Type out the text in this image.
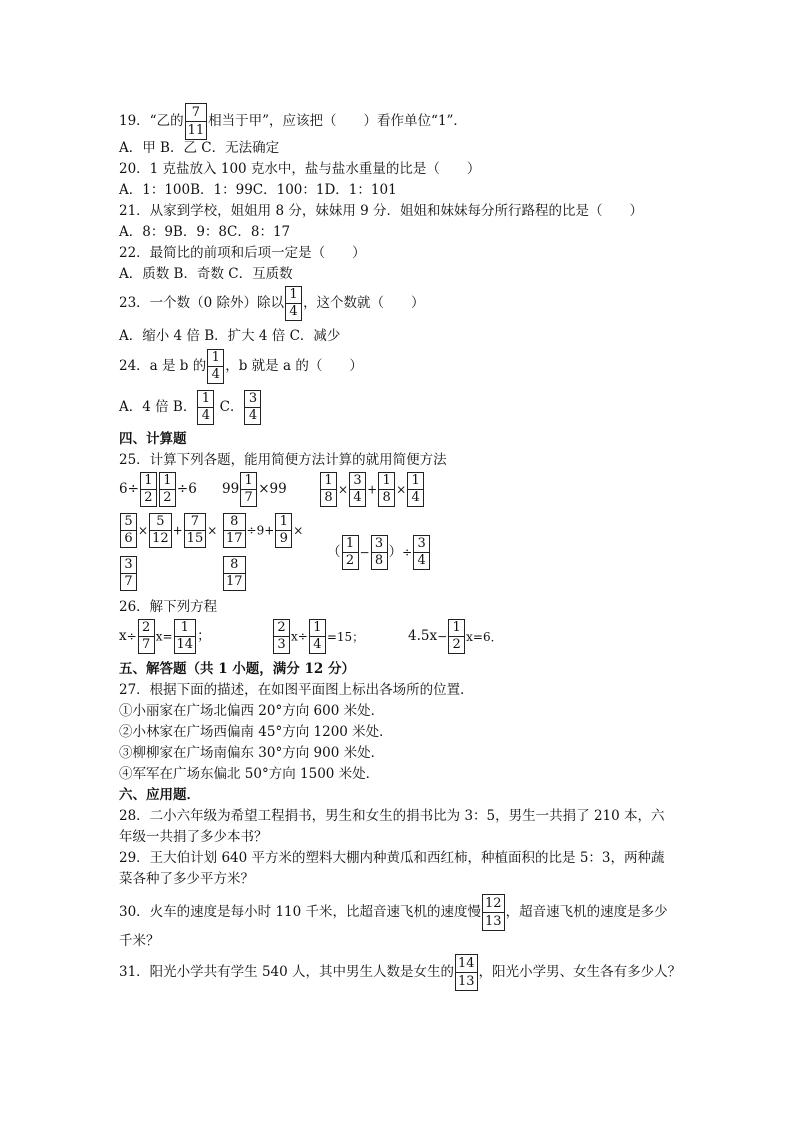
19．“乙的 $\frac{7}{11}$ 相当于甲”，应该把（　　）看作单位“1”．
A．甲 B．乙 C．无法确定
20．1 克盐放入 100 克水中，盐与盐水重量的比是（　　）
A．1：100B．1：99C．100：1D．1：101
21．从家到学校，姐姐用 8 分，妹妹用 9 分．姐姐和妹妹每分所行路程的比是（　　）
A．8：9B．9：8C．8：17
22．最简比的前项和后项一定是（　　）
A．质数 B．奇数 C．互质数
23．一个数（0 除外）除以 $\frac{1}{4}$ ，这个数就（　　）
A．缩小 4 倍 B．扩大 4 倍 C．减少
24．a 是 b 的 $\frac{1}{4}$ ，b 就是 a 的（　　）
A．4 倍 B． $\frac{1}{4}$ C． $\frac{3}{4}$
四、计算题
25．计算下列各题，能用简便方法计算的就用简便方法
$6\div \frac{1}{2} \frac{1}{2} \div 6$ $99 \frac{1}{7} \times 99$	$\frac{1}{8} \times \frac{3}{4} + \frac{1}{8} \times \frac{1}{4}$
$\frac{5}{6} \times \frac{5}{12} + \frac{7}{15}$ ×
$\frac{3}{7}$
$\frac{8}{17} \div 9+ \frac{1}{9}$ ×
$\frac{8}{17}$
（ $\frac{1}{2} - \frac{3}{8}$ ）÷ $\frac{3}{4}$
26．解下列方程
$x\div \frac{2}{7} x= \frac{1}{14}$ ；	$\frac{2}{3} x\div \frac{1}{4} =15$；	$4.5x- \frac{1}{2} x=6$．
五、解答题（共 1 小题，满分 12 分）
27．根据下面的描述，在如图平面图上标出各场所的位置．
①小丽家在广场北偏西 20°方向 600 米处．
②小林家在广场西偏南 45°方向 1200 米处．
③柳柳家在广场南偏东 30°方向 900 米处．
④军军在广场东偏北 50°方向 1500 米处．
六、应用题．
28．二小六年级为希望工程捐书，男生和女生的捐书比为 3：5，男生一共捐了 210 本，六
年级一共捐了多少本书？
29．王大伯计划 640 平方米的塑料大棚内种黄瓜和西红柿，种植面积的比是 5：3，两种蔬
菜各种了多少平方米？
30．火车的速度是每小时 110 千米，比超音速飞机的速度慢 $\frac{12}{13}$ ，超音速飞机的速度是多少
千米？
31．阳光小学共有学生 540 人，其中男生人数是女生的 $\frac{14}{13}$ ，阳光小学男、女生各有多少人？
